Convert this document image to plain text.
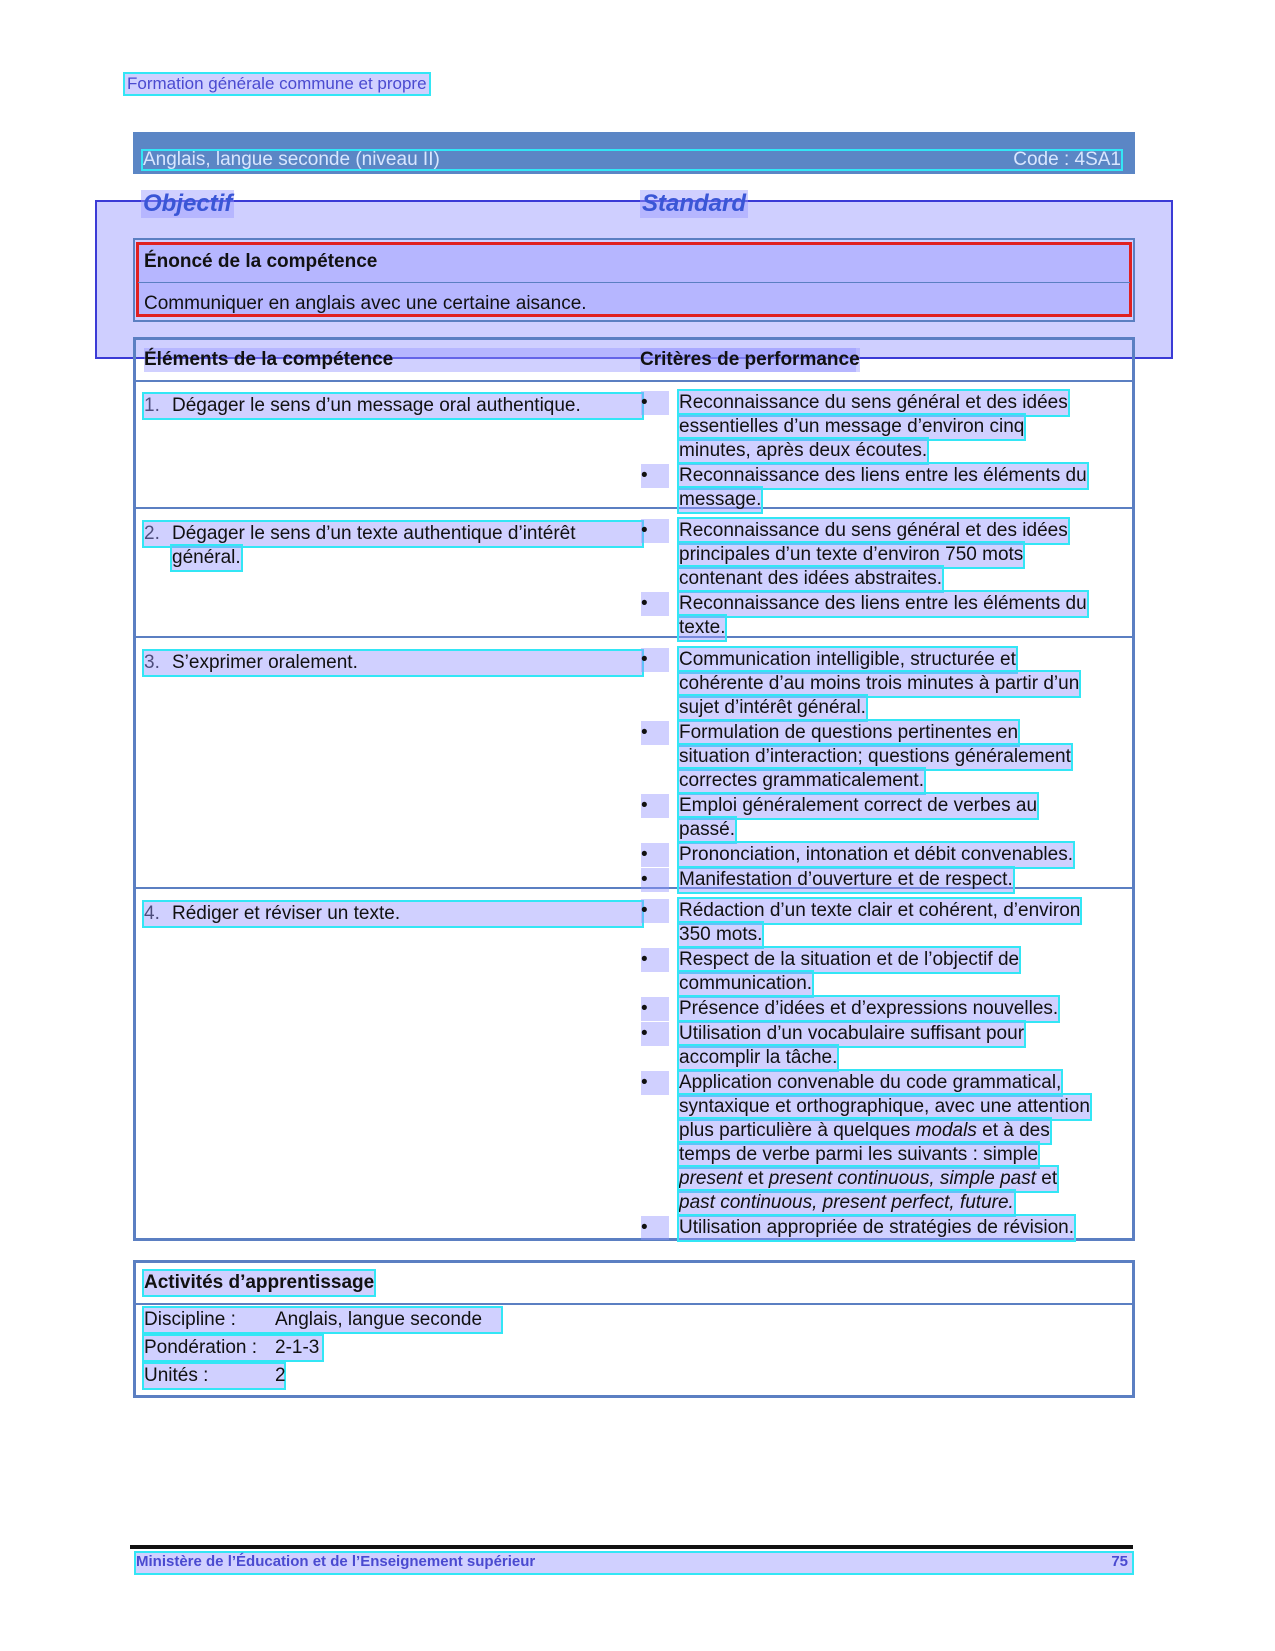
Formation générale commune et propre
Anglais, langue seconde (niveau II)	Code : 4SA1
Objectif	Standard
Énoncé de la compétence
Communiquer en anglais avec une certaine aisance.
Éléments de la compétence	Critères de performance
1. Dégager le sens d’un message oral authentique.	•	Reconnaissance du sens général et des idées
essentielles d’un message d’environ cinq
minutes, après deux écoutes.
•	Reconnaissance des liens entre les éléments du
message.
2. Dégager le sens d’un texte authentique d’intérêt
général.
•	Reconnaissance du sens général et des idées
principales d’un texte d’environ 750 mots
contenant des idées abstraites.
•	Reconnaissance des liens entre les éléments du
texte.
3. S’exprimer oralement.	•	Communication intelligible, structurée et
cohérente d’au moins trois minutes à partir d’un
sujet d’intérêt général.
•	Formulation de questions pertinentes en
situation d’interaction; questions généralement
correctes grammaticalement.
•	Emploi généralement correct de verbes au
passé.
•	Prononciation, intonation et débit convenables.
•	Manifestation d’ouverture et de respect.
4. Rédiger et réviser un texte.	•	Rédaction d’un texte clair et cohérent, d’environ
350 mots.
•	Respect de la situation et de l’objectif de
communication.
•	Présence d’idées et d’expressions nouvelles.
•	Utilisation d’un vocabulaire suffisant pour
accomplir la tâche.
•	Application convenable du code grammatical,
syntaxique et orthographique, avec une attention
plus particulière à quelques modals et à des
temps de verbe parmi les suivants : simple
present et present continuous, simple past et
past continuous, present perfect, future.
•	Utilisation appropriée de stratégies de révision.
Activités d’apprentissage
Discipline : Anglais, langue seconde
Pondération : 2-1-3
Unités :	2
Ministère de l’Éducation et de l’Enseignement supérieur	75
